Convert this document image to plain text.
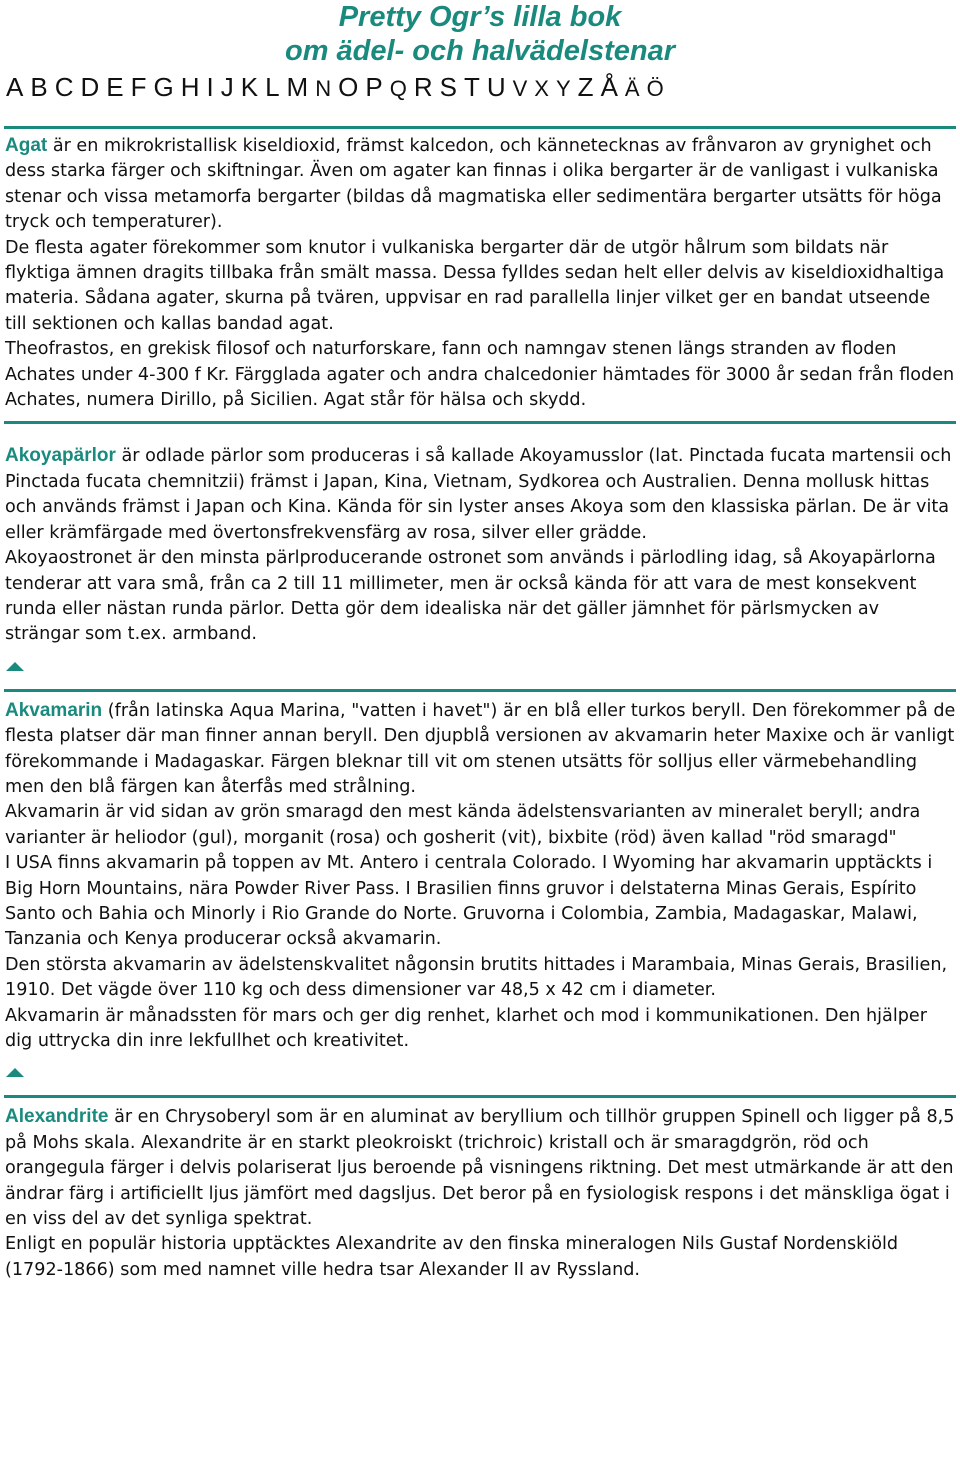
Pretty Ogr’s lilla bok
om ädel- och halvädelstenar
A B C D E F G H I J K L M N O P Q R S T U V X Y Z Å Ä Ö

Agat är en mikrokristallisk kiseldioxid, främst kalcedon, och kännetecknas av frånvaron av grynighet och dess starka färger och skiftningar. Även om agater kan finnas i olika bergarter är de vanligast i vulkaniska stenar och vissa metamorfa bergarter (bildas då magmatiska eller sedimentära bergarter utsätts för höga tryck och temperaturer).

De flesta agater förekommer som knutor i vulkaniska bergarter där de utgör hålrum som bildats när flyktiga ämnen dragits tillbaka från smält massa. Dessa fylldes sedan helt eller delvis av kiseldioxidhaltiga materia. Sådana agater, skurna på tvären, uppvisar en rad parallella linjer vilket ger en bandat utseende till sektionen och kallas bandad agat.

Theofrastos, en grekisk filosof och naturforskare, fann och namngav stenen längs stranden av floden Achates under 4-300 f Kr. Färgglada agater och andra chalcedonier hämtades för 3000 år sedan från floden Achates, numera Dirillo, på Sicilien. Agat står för hälsa och skydd.

Akoyapärlor är odlade pärlor som produceras i så kallade Akoyamusslor (lat. Pinctada fucata martensii och Pinctada fucata chemnitzii) främst i Japan, Kina, Vietnam, Sydkorea och Australien. Denna mollusk hittas och används främst i Japan och Kina. Kända för sin lyster anses Akoya som den klassiska pärlan. De är vita eller krämfärgade med övertonsfrekvensfärg av rosa, silver eller grädde.

Akoyaostronet är den minsta pärlproducerande ostronet som används i pärlodling idag, så Akoyapärlorna tenderar att vara små, från ca 2 till 11 millimeter, men är också kända för att vara de mest konsekvent runda eller nästan runda pärlor. Detta gör dem idealiska när det gäller jämnhet för pärlsmycken av strängar som t.ex. armband.

Akvamarin (från latinska Aqua Marina, "vatten i havet") är en blå eller turkos beryll. Den förekommer på de flesta platser där man finner annan beryll. Den djupblå versionen av akvamarin heter Maxixe och är vanligt förekommande i Madagaskar. Färgen bleknar till vit om stenen utsätts för solljus eller värmebehandling men den blå färgen kan återfås med strålning.

Akvamarin är vid sidan av grön smaragd den mest kända ädelstensvarianten av mineralet beryll; andra varianter är heliodor (gul), morganit (rosa) och gosherit (vit), bixbite (röd) även kallad "röd smaragd"

I USA finns akvamarin på toppen av Mt. Antero i centrala Colorado. I Wyoming har akvamarin upptäckts i Big Horn Mountains, nära Powder River Pass. I Brasilien finns gruvor i delstaterna Minas Gerais, Espírito Santo och Bahia och Minorly i Rio Grande do Norte. Gruvorna i Colombia, Zambia, Madagaskar, Malawi, Tanzania och Kenya producerar också akvamarin.

Den största akvamarin av ädelstenskvalitet någonsin brutits hittades i Marambaia, Minas Gerais, Brasilien, 1910. Det vägde över 110 kg och dess dimensioner var 48,5 x 42 cm i diameter.

Akvamarin är månadssten för mars och ger dig renhet, klarhet och mod i kommunikationen. Den hjälper dig uttrycka din inre lekfullhet och kreativitet.

Alexandrite är en Chrysoberyl som är en aluminat av beryllium och tillhör gruppen Spinell och ligger på 8,5 på Mohs skala. Alexandrite är en starkt pleokroiskt (trichroic) kristall och är smaragdgrön, röd och orangegula färger i delvis polariserat ljus beroende på visningens riktning. Det mest utmärkande är att den ändrar färg i artificiellt ljus jämfört med dagsljus. Det beror på en fysiologisk respons i det mänskliga ögat i en viss del av det synliga spektrat.

Enligt en populär historia upptäcktes Alexandrite av den finska mineralogen Nils Gustaf Nordenskiöld (1792-1866) som med namnet ville hedra tsar Alexander II av Ryssland.
